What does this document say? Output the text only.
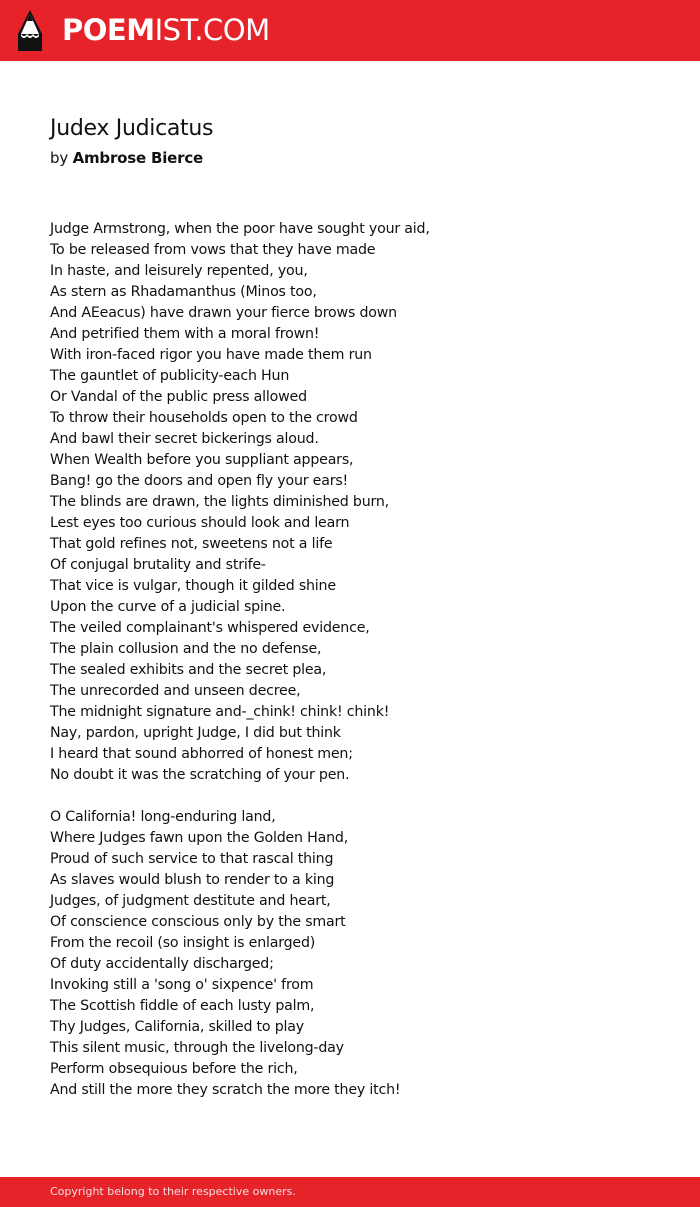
POEM IST.COM
Judex Judicatus
by Ambrose Bierce
Judge Armstrong, when the poor have sought your aid,
To be released from vows that they have made
In haste, and leisurely repented, you,
As stern as Rhadamanthus (Minos too,
And AEeacus) have drawn your fierce brows down
And petrified them with a moral frown!
With iron-faced rigor you have made them run
The gauntlet of publicity-each Hun
Or Vandal of the public press allowed
To throw their households open to the crowd
And bawl their secret bickerings aloud.
When Wealth before you suppliant appears,
Bang! go the doors and open fly your ears!
The blinds are drawn, the lights diminished burn,
Lest eyes too curious should look and learn
That gold refines not, sweetens not a life
Of conjugal brutality and strife-
That vice is vulgar, though it gilded shine
Upon the curve of a judicial spine.
The veiled complainant's whispered evidence,
The plain collusion and the no defense,
The sealed exhibits and the secret plea,
The unrecorded and unseen decree,
The midnight signature and-_chink! chink! chink!
Nay, pardon, upright Judge, I did but think
I heard that sound abhorred of honest men;
No doubt it was the scratching of your pen.
O California! long-enduring land,
Where Judges fawn upon the Golden Hand,
Proud of such service to that rascal thing
As slaves would blush to render to a king
Judges, of judgment destitute and heart,
Of conscience conscious only by the smart
From the recoil (so insight is enlarged)
Of duty accidentally discharged;
Invoking still a 'song o' sixpence' from
The Scottish fiddle of each lusty palm,
Thy Judges, California, skilled to play
This silent music, through the livelong-day
Perform obsequious before the rich,
And still the more they scratch the more they itch!
Copyright belong to their respective owners.
